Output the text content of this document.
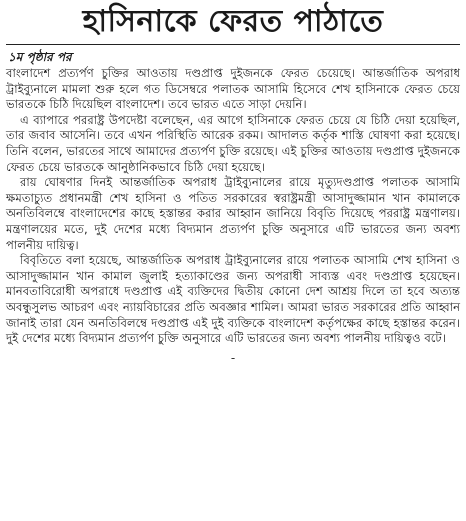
হাসিনাকে ফেরত পাঠাতে
১ম পৃষ্ঠার পর

বাংলাদেশ প্রত্যর্পণ চুক্তির আওতায় দণ্ডপ্রাপ্ত দুইজনকে ফেরত চেয়েছে। আন্তর্জাতিক অপরাধ ট্রাইব্যুনালে মামলা শুরু হলে গত ডিসেম্বরে পলাতক আসামি হিসেবে শেখ হাসিনাকে ফেরত চেয়ে ভারতকে চিঠি দিয়েছিল বাংলাদেশ। তবে ভারত এতে সাড়া দেয়নি।

এ ব্যাপারে পররাষ্ট্র উপদেষ্টা বলেছেন, এর আগে হাসিনাকে ফেরত চেয়ে যে চিঠি দেয়া হয়েছিল, তার জবাব আসেনি। তবে এখন পরিস্থিতি আরেক রকম। আদালত কর্তৃক শাস্তি ঘোষণা করা হয়েছে। তিনি বলেন, ভারতের সাথে আমাদের প্রত্যর্পণ চুক্তি রয়েছে। এই চুক্তির আওতায় দণ্ডপ্রাপ্ত দুইজনকে ফেরত চেয়ে ভারতকে আনুষ্ঠানিকভাবে চিঠি দেয়া হয়েছে।

রায় ঘোষণার দিনই আন্তর্জাতিক অপরাধ ট্রাইব্যুনালের রায়ে মৃত্যুদণ্ডপ্রাপ্ত পলাতক আসামি ক্ষমতাচ্যুত প্রধানমন্ত্রী শেখ হাসিনা ও পতিত সরকারের স্বরাষ্ট্রমন্ত্রী আসাদুজ্জামান খান কামালকে অনতিবিলম্বে বাংলাদেশের কাছে হস্তান্তর করার আহ্বান জানিয়ে বিবৃতি দিয়েছে পররাষ্ট্র মন্ত্রণালয়। মন্ত্রণালয়ের মতে, দুই দেশের মধ্যে বিদ্যমান প্রত্যর্পণ চুক্তি অনুসারে এটি ভারতের জন্য অবশ্য পালনীয় দায়িত্ব।

বিবৃতিতে বলা হয়েছে, আন্তর্জাতিক অপরাধ ট্রাইব্যুনালের রায়ে পলাতক আসামি শেখ হাসিনা ও আসাদুজ্জামান খান কামাল জুলাই হত্যাকাণ্ডের জন্য অপরাধী সাব্যস্ত এবং দণ্ডপ্রাপ্ত হয়েছেন। মানবতাবিরোধী অপরাধে দণ্ডপ্রাপ্ত এই ব্যক্তিদের দ্বিতীয় কোনো দেশ আশ্রয় দিলে তা হবে অত্যন্ত অবন্ধুসুলভ আচরণ এবং ন্যায়বিচারের প্রতি অবজ্ঞার শামিল। আমরা ভারত সরকারের প্রতি আহ্বান জানাই তারা যেন অনতিবিলম্বে দণ্ডপ্রাপ্ত এই দুই ব্যক্তিকে বাংলাদেশ কর্তৃপক্ষের কাছে হস্তান্তর করেন। দুই দেশের মধ্যে বিদ্যমান প্রত্যর্পণ চুক্তি অনুসারে এটি ভারতের জন্য অবশ্য পালনীয় দায়িত্বও বটে।

-
